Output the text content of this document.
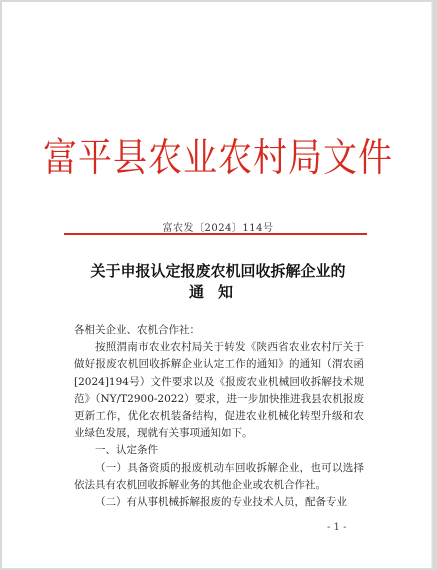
富平县农业农村局文件
富农发〔2024〕114号
关于申报认定报废农机回收拆解企业的
通知

各相关企业、农机合作社：

按照渭南市农业农村局关于转发《陕西省农业农村厅关于做好报废农机回收拆解企业认定工作的通知》的通知（渭农函[2024]194号）文件要求以及《报废农业机械回收拆解技术规范》（NY/T2900-2022）要求，进一步加快推进我县农机报废更新工作，优化农机装备结构，促进农业机械化转型升级和农业绿色发展，现就有关事项通知如下。

一、认定条件

（一）具备资质的报废机动车回收拆解企业，也可以选择依法具有农机回收拆解业务的其他企业或农机合作社。

（二）有从事机械拆解报废的专业技术人员，配备专业

- 1 -
